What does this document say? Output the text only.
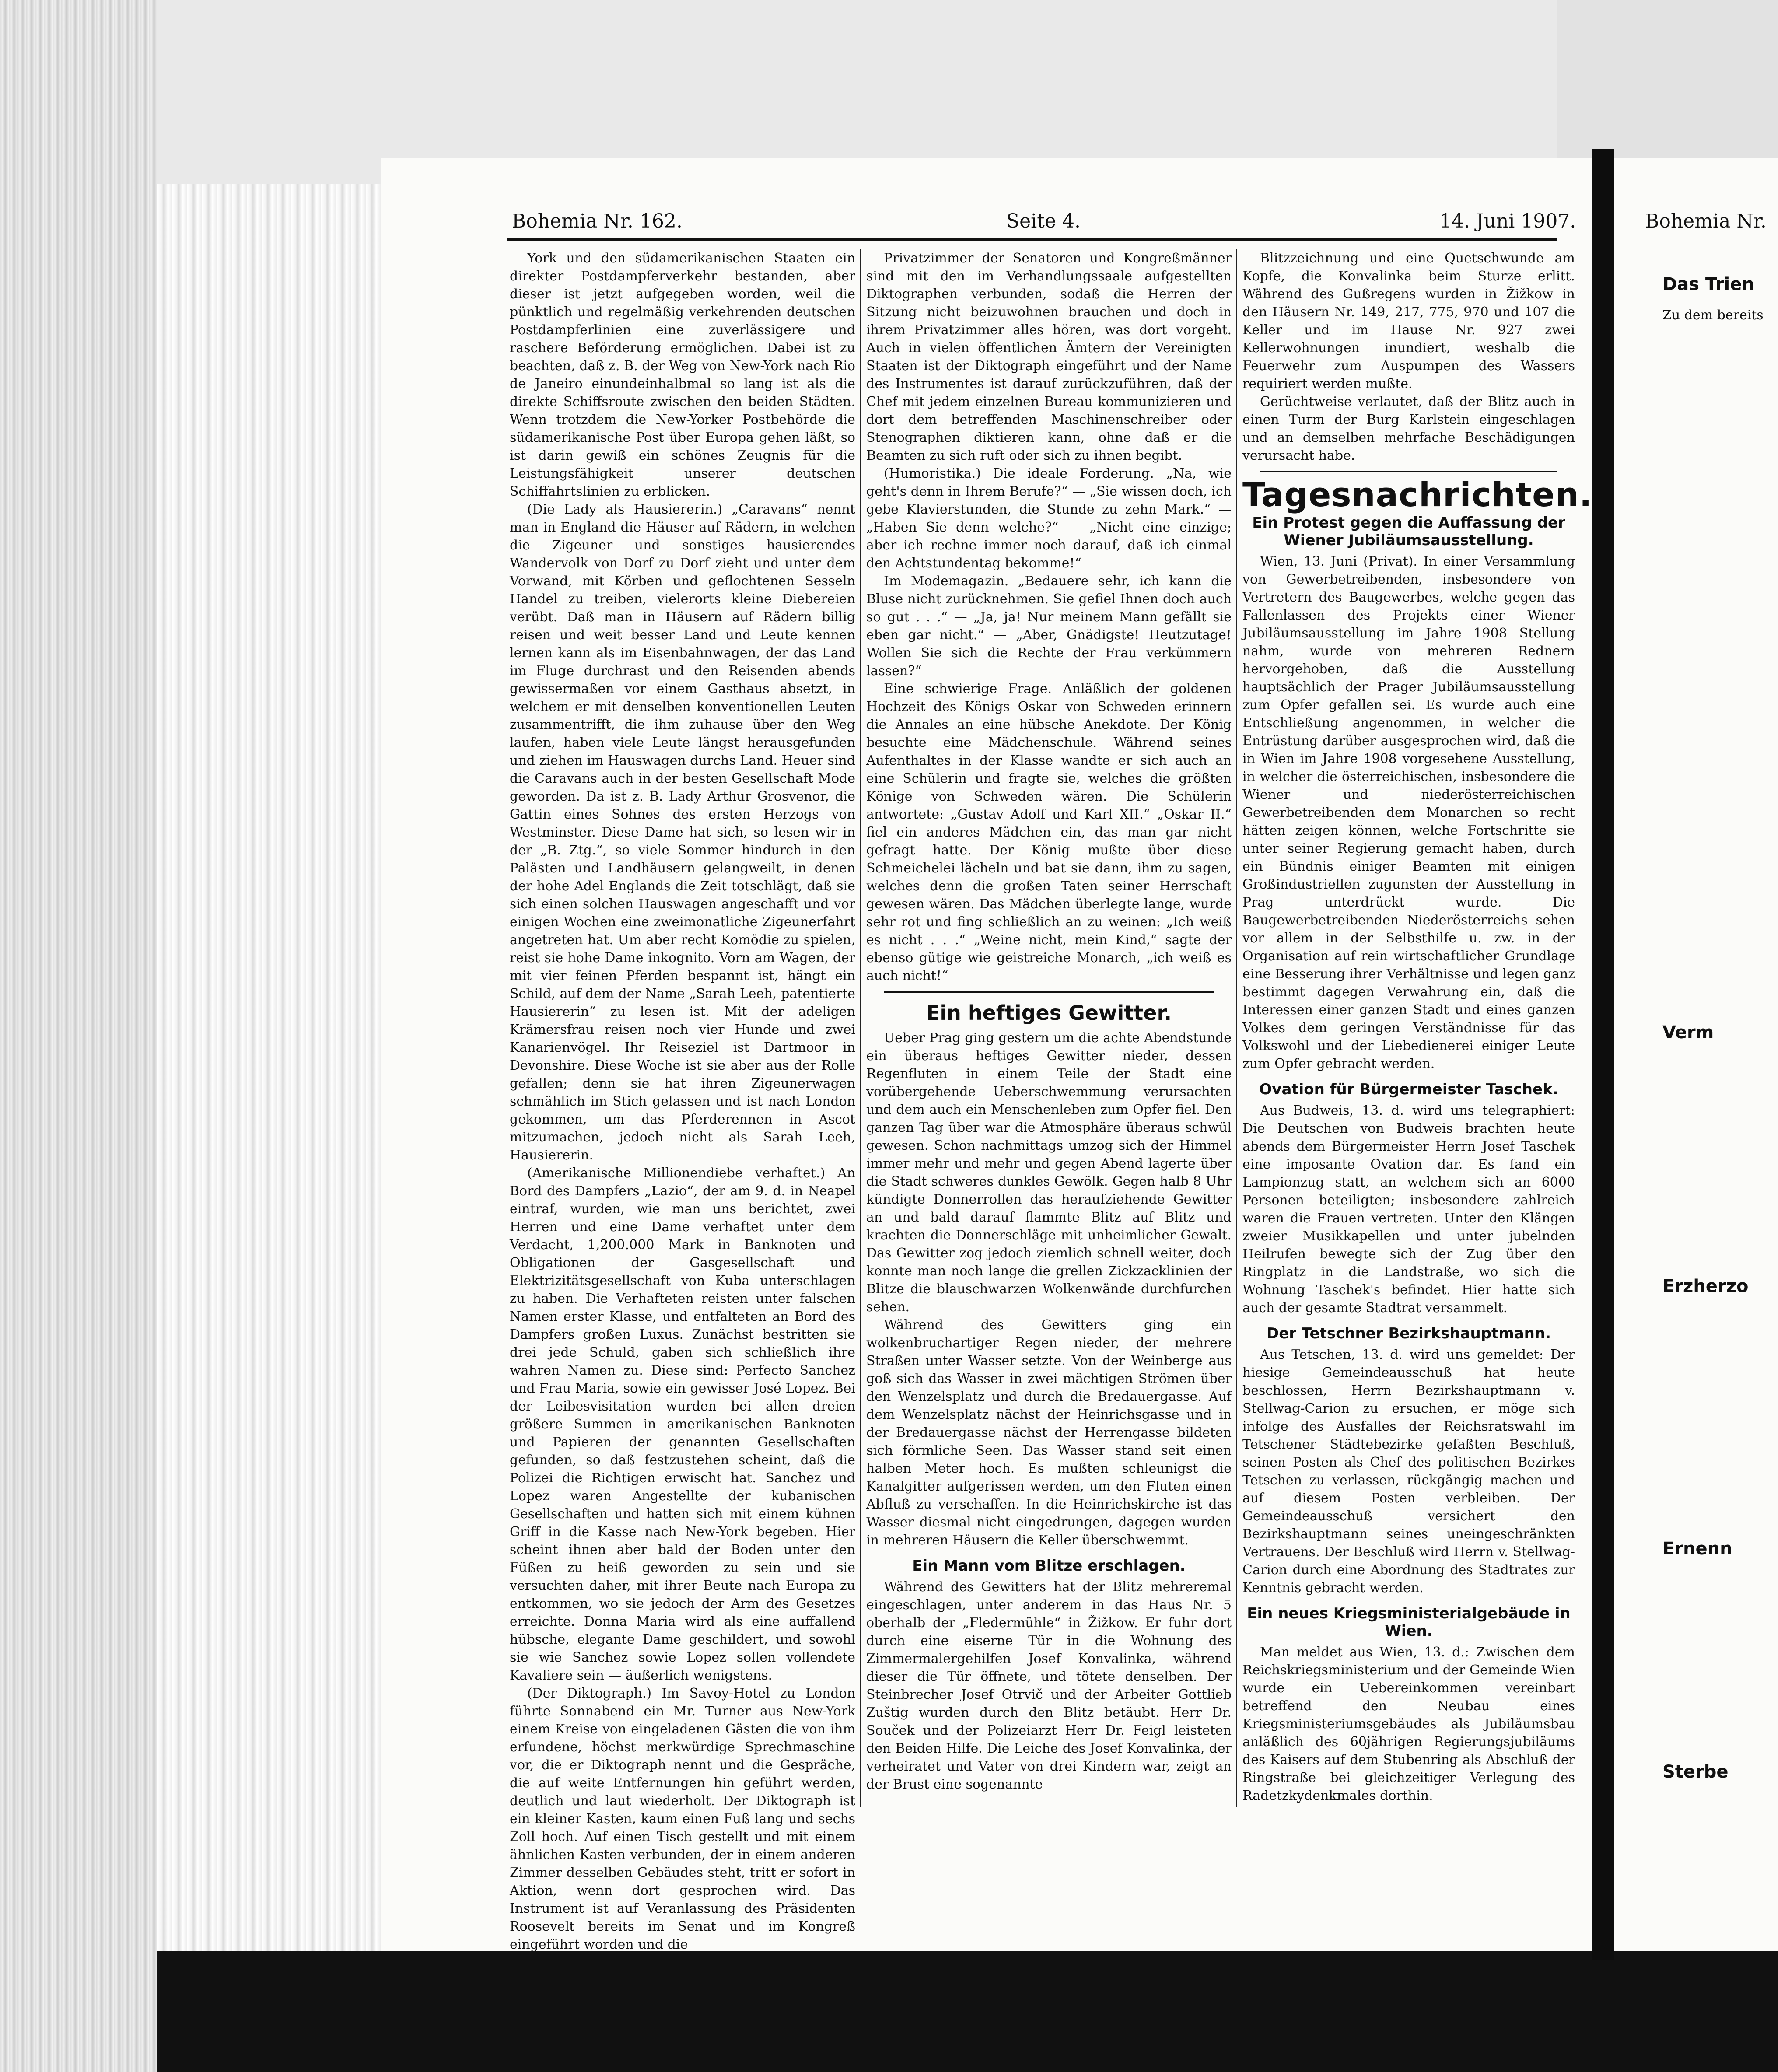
Bohemia Nr. 162.	Seite 4.	14. Juni 1907.	Bohemia Nr.

York und den südamerikanischen Staaten ein direkter Postdampferverkehr bestanden, aber dieser ist jetzt aufgegeben worden, weil die pünktlich und regelmäßig verkehrenden deutschen Postdampferlinien eine zuverlässigere und raschere Beförderung ermöglichen. Dabei ist zu beachten, daß z. B. der Weg von New-York nach Rio de Janeiro einundeinhalbmal so lang ist als die direkte Schiffsroute zwischen den beiden Städten. Wenn trotzdem die New-Yorker Postbehörde die südamerikanische Post über Europa gehen läßt, so ist darin gewiß ein schönes Zeugnis für die Leistungsfähigkeit unserer deutschen Schiffahrtslinien zu erblicken.

(Die Lady als Hausiererin.) „Caravans“ nennt man in England die Häuser auf Rädern, in welchen die Zigeuner und sonstiges hausierendes Wandervolk von Dorf zu Dorf zieht und unter dem Vorwand, mit Körben und geflochtenen Sesseln Handel zu treiben, vielerorts kleine Diebereien verübt. Daß man in Häusern auf Rädern billig reisen und weit besser Land und Leute kennen lernen kann als im Eisenbahnwagen, der das Land im Fluge durchrast und den Reisenden abends gewissermaßen vor einem Gasthaus absetzt, in welchem er mit denselben konventionellen Leuten zusammentrifft, die ihm zuhause über den Weg laufen, haben viele Leute längst herausgefunden und ziehen im Hauswagen durchs Land. Heuer sind die Caravans auch in der besten Gesellschaft Mode geworden. Da ist z. B. Lady Arthur Grosvenor, die Gattin eines Sohnes des ersten Herzogs von Westminster. Diese Dame hat sich, so lesen wir in der „B. Ztg.“, so viele Sommer hindurch in den Palästen und Landhäusern gelangweilt, in denen der hohe Adel Englands die Zeit totschlägt, daß sie sich einen solchen Hauswagen angeschafft und vor einigen Wochen eine zweimonatliche Zigeunerfahrt angetreten hat. Um aber recht Komödie zu spielen, reist sie hohe Dame inkognito. Vorn am Wagen, der mit vier feinen Pferden bespannt ist, hängt ein Schild, auf dem der Name „Sarah Leeh, patentierte Hausiererin“ zu lesen ist. Mit der adeligen Krämersfrau reisen noch vier Hunde und zwei Kanarienvögel. Ihr Reiseziel ist Dartmoor in Devonshire. Diese Woche ist sie aber aus der Rolle gefallen; denn sie hat ihren Zigeunerwagen schmählich im Stich gelassen und ist nach London gekommen, um das Pferderennen in Ascot mitzumachen, jedoch nicht als Sarah Leeh, Hausiererin.

(Amerikanische Millionendiebe verhaftet.) An Bord des Dampfers „Lazio“, der am 9. d. in Neapel eintraf, wurden, wie man uns berichtet, zwei Herren und eine Dame verhaftet unter dem Verdacht, 1,200.000 Mark in Banknoten und Obligationen der Gasgesellschaft und Elektrizitätsgesellschaft von Kuba unterschlagen zu haben. Die Verhafteten reisten unter falschen Namen erster Klasse, und entfalteten an Bord des Dampfers großen Luxus. Zunächst bestritten sie drei jede Schuld, gaben sich schließlich ihre wahren Namen zu. Diese sind: Perfecto Sanchez und Frau Maria, sowie ein gewisser José Lopez. Bei der Leibesvisitation wurden bei allen dreien größere Summen in amerikanischen Banknoten und Papieren der genannten Gesellschaften gefunden, so daß festzustehen scheint, daß die Polizei die Richtigen erwischt hat. Sanchez und Lopez waren Angestellte der kubanischen Gesellschaften und hatten sich mit einem kühnen Griff in die Kasse nach New-York begeben. Hier scheint ihnen aber bald der Boden unter den Füßen zu heiß geworden zu sein und sie versuchten daher, mit ihrer Beute nach Europa zu entkommen, wo sie jedoch der Arm des Gesetzes erreichte. Donna Maria wird als eine auffallend hübsche, elegante Dame geschildert, und sowohl sie wie Sanchez sowie Lopez sollen vollendete Kavaliere sein — äußerlich wenigstens.

(Der Diktograph.) Im Savoy-Hotel zu London führte Sonnabend ein Mr. Turner aus New-York einem Kreise von eingeladenen Gästen die von ihm erfundene, höchst merkwürdige Sprechmaschine vor, die er Diktograph nennt und die Gespräche, die auf weite Entfernungen hin geführt werden, deutlich und laut wiederholt. Der Diktograph ist ein kleiner Kasten, kaum einen Fuß lang und sechs Zoll hoch. Auf einen Tisch gestellt und mit einem ähnlichen Kasten verbunden, der in einem anderen Zimmer desselben Gebäudes steht, tritt er sofort in Aktion, wenn dort gesprochen wird. Das Instrument ist auf Veranlassung des Präsidenten Roosevelt bereits im Senat und im Kongreß eingeführt worden und die

Privatzimmer der Senatoren und Kongreßmänner sind mit den im Verhandlungssaale aufgestellten Diktographen verbunden, sodaß die Herren der Sitzung nicht beizuwohnen brauchen und doch in ihrem Privatzimmer alles hören, was dort vorgeht. Auch in vielen öffentlichen Ämtern der Vereinigten Staaten ist der Diktograph eingeführt und der Name des Instrumentes ist darauf zurückzuführen, daß der Chef mit jedem einzelnen Bureau kommunizieren und dort dem betreffenden Maschinenschreiber oder Stenographen diktieren kann, ohne daß er die Beamten zu sich ruft oder sich zu ihnen begibt.

(Humoristika.) Die ideale Forderung. „Na, wie geht's denn in Ihrem Berufe?“ — „Sie wissen doch, ich gebe Klavierstunden, die Stunde zu zehn Mark.“ — „Haben Sie denn welche?“ — „Nicht eine einzige; aber ich rechne immer noch darauf, daß ich einmal den Achtstundentag bekomme!“

Im Modemagazin. „Bedauere sehr, ich kann die Bluse nicht zurücknehmen. Sie gefiel Ihnen doch auch so gut . . .“ — „Ja, ja! Nur meinem Mann gefällt sie eben gar nicht.“ — „Aber, Gnädigste! Heutzutage! Wollen Sie sich die Rechte der Frau verkümmern lassen?“

Eine schwierige Frage. Anläßlich der goldenen Hochzeit des Königs Oskar von Schweden erinnern die Annales an eine hübsche Anekdote. Der König besuchte eine Mädchenschule. Während seines Aufenthaltes in der Klasse wandte er sich auch an eine Schülerin und fragte sie, welches die größten Könige von Schweden wären. Die Schülerin antwortete: „Gustav Adolf und Karl XII.“ „Oskar II.“ fiel ein anderes Mädchen ein, das man gar nicht gefragt hatte. Der König mußte über diese Schmeichelei lächeln und bat sie dann, ihm zu sagen, welches denn die großen Taten seiner Herrschaft gewesen wären. Das Mädchen überlegte lange, wurde sehr rot und fing schließlich an zu weinen: „Ich weiß es nicht . . .“ „Weine nicht, mein Kind,“ sagte der ebenso gütige wie geistreiche Monarch, „ich weiß es auch nicht!“

Ein heftiges Gewitter.

Ueber Prag ging gestern um die achte Abendstunde ein überaus heftiges Gewitter nieder, dessen Regenfluten in einem Teile der Stadt eine vorübergehende Ueberschwemmung verursachten und dem auch ein Menschenleben zum Opfer fiel. Den ganzen Tag über war die Atmosphäre überaus schwül gewesen. Schon nachmittags umzog sich der Himmel immer mehr und mehr und gegen Abend lagerte über die Stadt schweres dunkles Gewölk. Gegen halb 8 Uhr kündigte Donnerrollen das heraufziehende Gewitter an und bald darauf flammte Blitz auf Blitz und krachten die Donnerschläge mit unheimlicher Gewalt. Das Gewitter zog jedoch ziemlich schnell weiter, doch konnte man noch lange die grellen Zickzacklinien der Blitze die blauschwarzen Wolkenwände durchfurchen sehen.

Während des Gewitters ging ein wolkenbruchartiger Regen nieder, der mehrere Straßen unter Wasser setzte. Von der Weinberge aus goß sich das Wasser in zwei mächtigen Strömen über den Wenzelsplatz und durch die Bredauergasse. Auf dem Wenzelsplatz nächst der Heinrichsgasse und in der Bredauergasse nächst der Herrengasse bildeten sich förmliche Seen. Das Wasser stand seit einen halben Meter hoch. Es mußten schleunigst die Kanalgitter aufgerissen werden, um den Fluten einen Abfluß zu verschaffen. In die Heinrichskirche ist das Wasser diesmal nicht eingedrungen, dagegen wurden in mehreren Häusern die Keller überschwemmt.

Ein Mann vom Blitze erschlagen.

Während des Gewitters hat der Blitz mehreremal eingeschlagen, unter anderem in das Haus Nr. 5 oberhalb der „Fledermühle“ in Žižkow. Er fuhr dort durch eine eiserne Tür in die Wohnung des Zimmermalergehilfen Josef Konvalinka, während dieser die Tür öffnete, und tötete denselben. Der Steinbrecher Josef Otrvič und der Arbeiter Gottlieb Zuštig wurden durch den Blitz betäubt. Herr Dr. Souček und der Polizeiarzt Herr Dr. Feigl leisteten den Beiden Hilfe. Die Leiche des Josef Konvalinka, der verheiratet und Vater von drei Kindern war, zeigt an der Brust eine sogenannte

Blitzzeichnung und eine Quetschwunde am Kopfe, die Konvalinka beim Sturze erlitt. Während des Gußregens wurden in Žižkow in den Häusern Nr. 149, 217, 775, 970 und 107 die Keller und im Hause Nr. 927 zwei Kellerwohnungen inundiert, weshalb die Feuerwehr zum Auspumpen des Wassers requiriert werden mußte.

Gerüchtweise verlautet, daß der Blitz auch in einen Turm der Burg Karlstein eingeschlagen und an demselben mehrfache Beschädigungen verursacht habe.

Tagesnachrichten.
Ein Protest gegen die Auffassung der Wiener Jubiläumsausstellung.

Wien, 13. Juni (Privat). In einer Versammlung von Gewerbetreibenden, insbesondere von Vertretern des Baugewerbes, welche gegen das Fallenlassen des Projekts einer Wiener Jubiläumsausstellung im Jahre 1908 Stellung nahm, wurde von mehreren Rednern hervorgehoben, daß die Ausstellung hauptsächlich der Prager Jubiläumsausstellung zum Opfer gefallen sei. Es wurde auch eine Entschließung angenommen, in welcher die Entrüstung darüber ausgesprochen wird, daß die in Wien im Jahre 1908 vorgesehene Ausstellung, in welcher die österreichischen, insbesondere die Wiener und niederösterreichischen Gewerbetreibenden dem Monarchen so recht hätten zeigen können, welche Fortschritte sie unter seiner Regierung gemacht haben, durch ein Bündnis einiger Beamten mit einigen Großindustriellen zugunsten der Ausstellung in Prag unterdrückt wurde. Die Baugewerbetreibenden Niederösterreichs sehen vor allem in der Selbsthilfe u. zw. in der Organisation auf rein wirtschaftlicher Grundlage eine Besserung ihrer Verhältnisse und legen ganz bestimmt dagegen Verwahrung ein, daß die Interessen einer ganzen Stadt und eines ganzen Volkes dem geringen Verständnisse für das Volkswohl und der Liebedienerei einiger Leute zum Opfer gebracht werden.

Ovation für Bürgermeister Taschek.

Aus Budweis, 13. d. wird uns telegraphiert: Die Deutschen von Budweis brachten heute abends dem Bürgermeister Herrn Josef Taschek eine imposante Ovation dar. Es fand ein Lampionzug statt, an welchem sich an 6000 Personen beteiligten; insbesondere zahlreich waren die Frauen vertreten. Unter den Klängen zweier Musikkapellen und unter jubelnden Heilrufen bewegte sich der Zug über den Ringplatz in die Landstraße, wo sich die Wohnung Taschek's befindet. Hier hatte sich auch der gesamte Stadtrat versammelt.

Der Tetschner Bezirkshauptmann.

Aus Tetschen, 13. d. wird uns gemeldet: Der hiesige Gemeindeausschuß hat heute beschlossen, Herrn Bezirkshauptmann v. Stellwag-Carion zu ersuchen, er möge sich infolge des Ausfalles der Reichsratswahl im Tetschener Städtebezirke gefaßten Beschluß, seinen Posten als Chef des politischen Bezirkes Tetschen zu verlassen, rückgängig machen und auf diesem Posten verbleiben. Der Gemeindeausschuß versichert den Bezirkshauptmann seines uneingeschränkten Vertrauens. Der Beschluß wird Herrn v. Stellwag-Carion durch eine Abordnung des Stadtrates zur Kenntnis gebracht werden.

Ein neues Kriegsministerialgebäude in Wien.

Man meldet aus Wien, 13. d.: Zwischen dem Reichskriegsministerium und der Gemeinde Wien wurde ein Uebereinkommen vereinbart betreffend den Neubau eines Kriegsministeriumsgebäudes als Jubiläumsbau anläßlich des 60jährigen Regierungsjubiläums des Kaisers auf dem Stubenring als Abschluß der Ringstraße bei gleichzeitiger Verlegung des Radetzkydenkmales dorthin.

Das Trien
Zu dem bereits
Verm
Erzherzo
Ernenn
Sterbe
